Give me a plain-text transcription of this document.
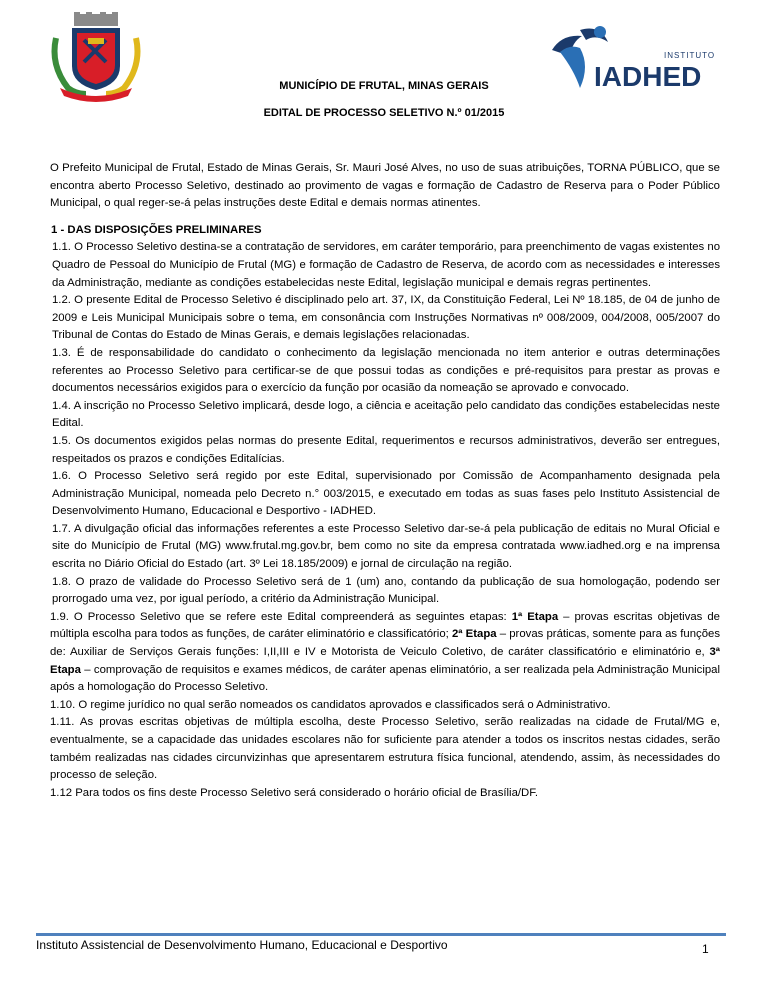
INSTITUTO
IADHED
MUNICÍPIO DE FRUTAL, MINAS GERAIS
EDITAL DE PROCESSO SELETIVO N.º 01/2015

O Prefeito Municipal de Frutal, Estado de Minas Gerais, Sr. Mauri José Alves, no uso de suas atribuições, TORNA PÚBLICO, que se encontra aberto Processo Seletivo, destinado ao provimento de vagas e formação de Cadastro de Reserva para o Poder Público Municipal, o qual reger-se-á pelas instruções deste Edital e demais normas atinentes.

1 - DAS DISPOSIÇÕES PRELIMINARES

1.1. O Processo Seletivo destina-se a contratação de servidores, em caráter temporário, para preenchimento de vagas existentes no Quadro de Pessoal do Município de Frutal (MG) e formação de Cadastro de Reserva, de acordo com as necessidades e interesses da Administração, mediante as condições estabelecidas neste Edital, legislação municipal e demais regras pertinentes.

1.2. O presente Edital de Processo Seletivo é disciplinado pelo art. 37, IX, da Constituição Federal, Lei Nº 18.185, de 04 de junho de 2009 e Leis Municipal Municipais sobre o tema, em consonância com Instruções Normativas nº 008/2009, 004/2008, 005/2007 do Tribunal de Contas do Estado de Minas Gerais, e demais legislações relacionadas.

1.3. É de responsabilidade do candidato o conhecimento da legislação mencionada no item anterior e outras determinações referentes ao Processo Seletivo para certificar-se de que possui todas as condições e pré-requisitos para prestar as provas e documentos necessários exigidos para o exercício da função por ocasião da nomeação se aprovado e convocado.

1.4. A inscrição no Processo Seletivo implicará, desde logo, a ciência e aceitação pelo candidato das condições estabelecidas neste Edital.

1.5. Os documentos exigidos pelas normas do presente Edital, requerimentos e recursos administrativos, deverão ser entregues, respeitados os prazos e condições Editalícias.

1.6. O Processo Seletivo será regido por este Edital, supervisionado por Comissão de Acompanhamento designada pela Administração Municipal, nomeada pelo Decreto n.° 003/2015, e executado em todas as suas fases pelo Instituto Assistencial de Desenvolvimento Humano, Educacional e Desportivo - IADHED.

1.7. A divulgação oficial das informações referentes a este Processo Seletivo dar-se-á pela publicação de editais no Mural Oficial e site do Município de Frutal (MG) www.frutal.mg.gov.br, bem como no site da empresa contratada www.iadhed.org e na imprensa escrita no Diário Oficial do Estado (art. 3º Lei 18.185/2009) e jornal de circulação na região.

1.8. O prazo de validade do Processo Seletivo será de 1 (um) ano, contando da publicação de sua homologação, podendo ser prorrogado uma vez, por igual período, a critério da Administração Municipal.

1.9. O Processo Seletivo que se refere este Edital compreenderá as seguintes etapas: 1ª Etapa – provas escritas objetivas de múltipla escolha para todos as funções, de caráter eliminatório e classificatório; 2ª Etapa – provas práticas, somente para as funções de: Auxiliar de Serviços Gerais funções: I,II,III e IV e Motorista de Veiculo Coletivo, de caráter classificatório e eliminatório e, 3ª Etapa – comprovação de requisitos e exames médicos, de caráter apenas eliminatório, a ser realizada pela Administração Municipal após a homologação do Processo Seletivo.

1.10. O regime jurídico no qual serão nomeados os candidatos aprovados e classificados será o Administrativo.

1.11. As provas escritas objetivas de múltipla escolha, deste Processo Seletivo, serão realizadas na cidade de Frutal/MG e, eventualmente, se a capacidade das unidades escolares não for suficiente para atender a todos os inscritos nestas cidades, serão também realizadas nas cidades circunvizinhas que apresentarem estrutura física funcional, atendendo, assim, às necessidades do processo de seleção.

1.12 Para todos os fins deste Processo Seletivo será considerado o horário oficial de Brasília/DF.

Instituto Assistencial de Desenvolvimento Humano, Educacional e Desportivo	1
